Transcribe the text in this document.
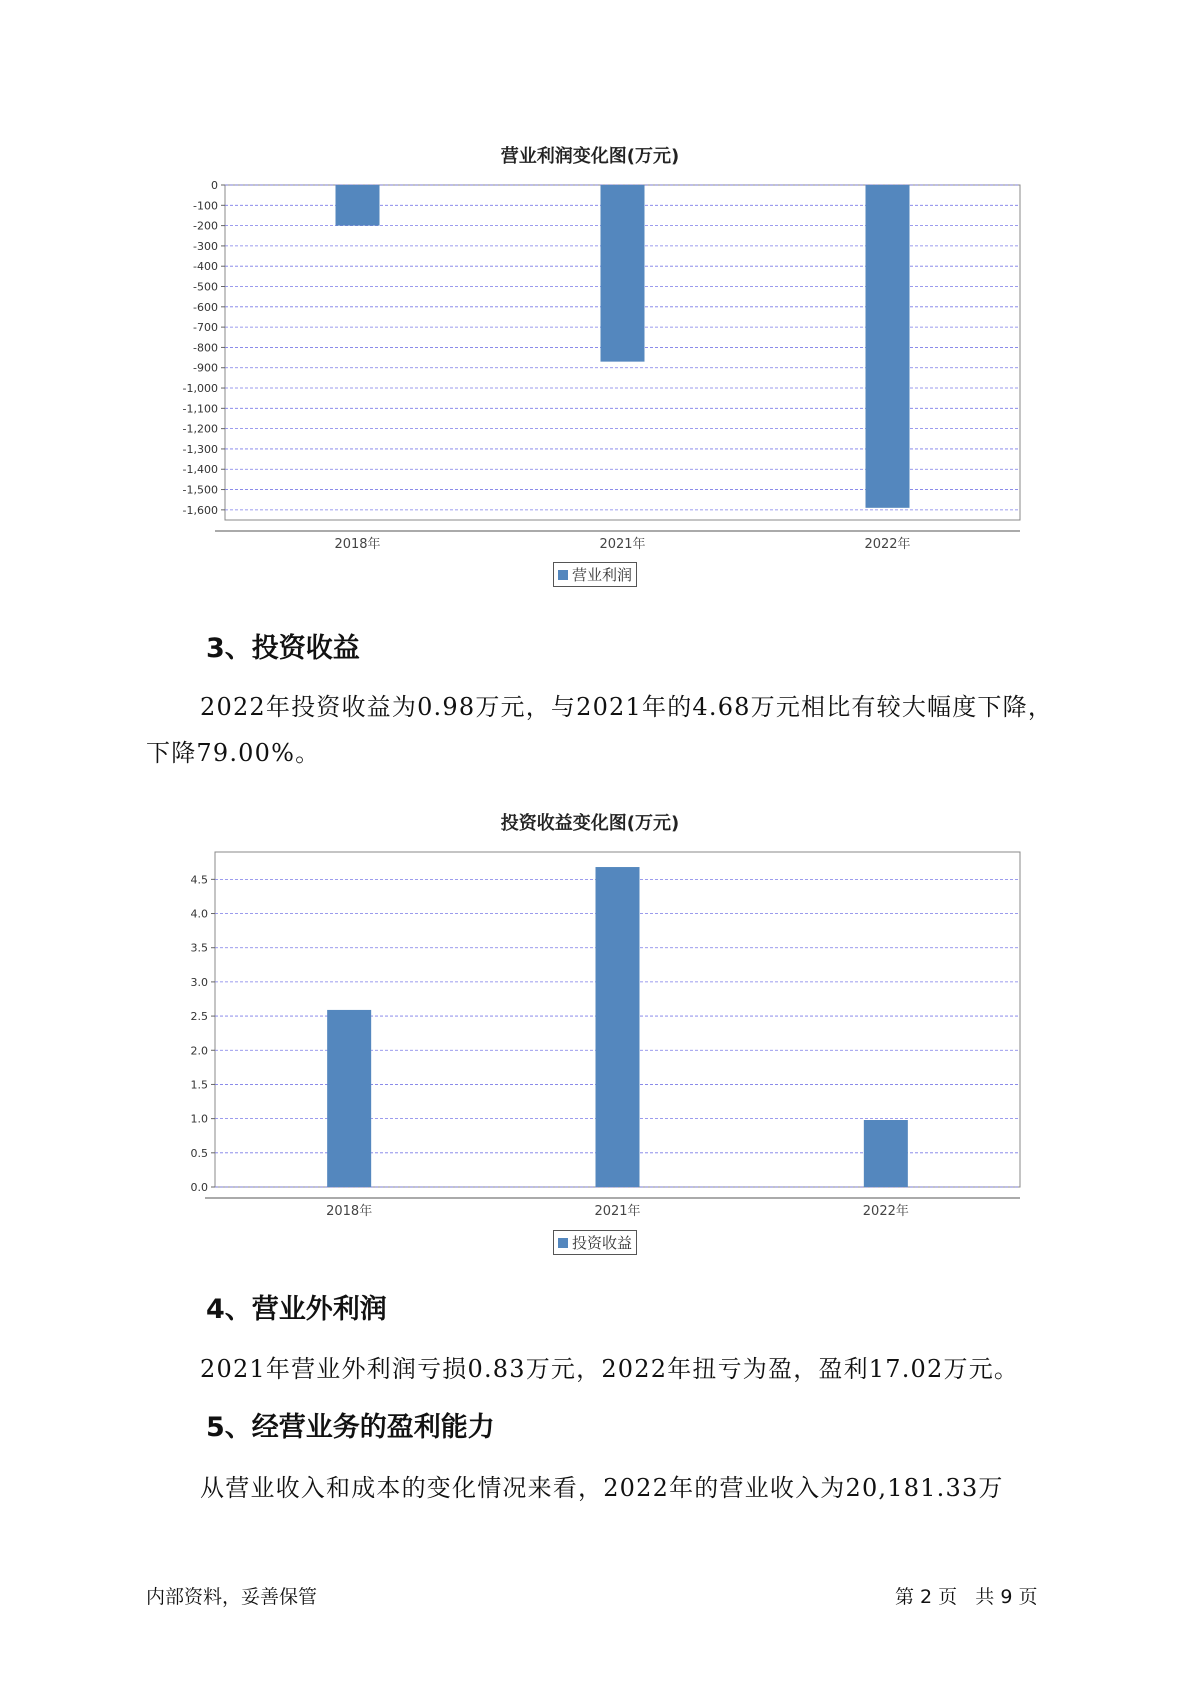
营业利润变化图(万元)
0
-100
-200
-300
-400
-500
-600
-700
-800
-900
-1,000
-1,100
-1,200
-1,300
-1,400
-1,500
-1,600
2018年	2021年	2022年
营业利润
3、投资收益

2022年投资收益为0.98万元，与2021年的4.68万元相比有较大幅度下降，下降79.00%。

投资收益变化图(万元)
0.0
0.5
1.0
1.5
2.0
2.5
3.0
3.5
4.0
4.5
2018年	2021年	2022年
投资收益
4、营业外利润

2021年营业外利润亏损0.83万元，2022年扭亏为盈，盈利17.02万元。

5、经营业务的盈利能力

从营业收入和成本的变化情况来看，2022年的营业收入为20,181.33万

内部资料，妥善保管	第 2 页   共 9 页
